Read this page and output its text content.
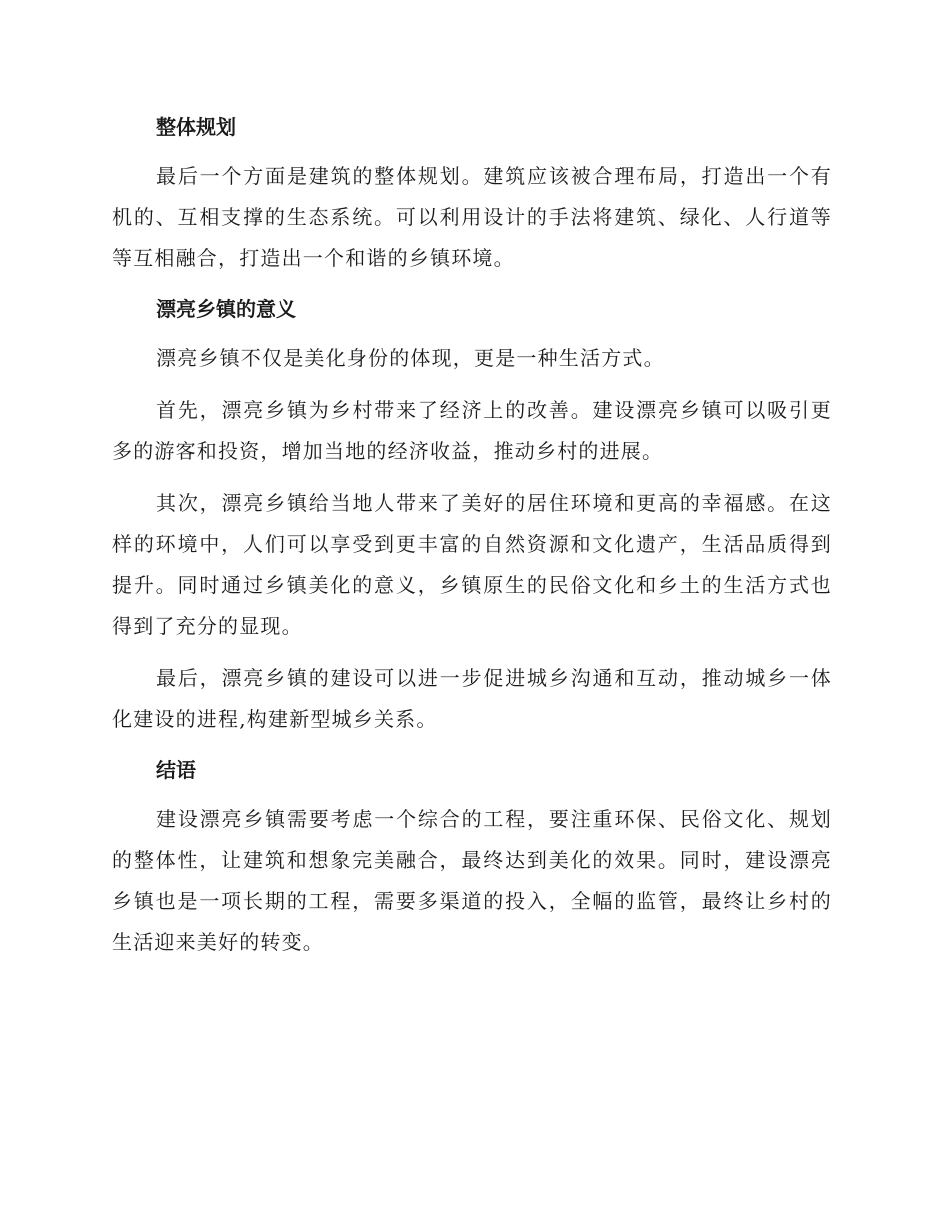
整体规划

最后一个方面是建筑的整体规划。建筑应该被合理布局，打造出一个有机的、互相支撑的生态系统。可以利用设计的手法将建筑、绿化、人行道等等互相融合，打造出一个和谐的乡镇环境。

漂亮乡镇的意义

漂亮乡镇不仅是美化身份的体现，更是一种生活方式。

首先，漂亮乡镇为乡村带来了经济上的改善。建设漂亮乡镇可以吸引更多的游客和投资，增加当地的经济收益，推动乡村的进展。

其次，漂亮乡镇给当地人带来了美好的居住环境和更高的幸福感。在这样的环境中，人们可以享受到更丰富的自然资源和文化遗产，生活品质得到提升。同时通过乡镇美化的意义，乡镇原生的民俗文化和乡土的生活方式也得到了充分的显现。

最后，漂亮乡镇的建设可以进一步促进城乡沟通和互动，推动城乡一体化建设的进程,构建新型城乡关系。

结语

建设漂亮乡镇需要考虑一个综合的工程，要注重环保、民俗文化、规划的整体性，让建筑和想象完美融合，最终达到美化的效果。同时，建设漂亮乡镇也是一项长期的工程，需要多渠道的投入，全幅的监管，最终让乡村的生活迎来美好的转变。
